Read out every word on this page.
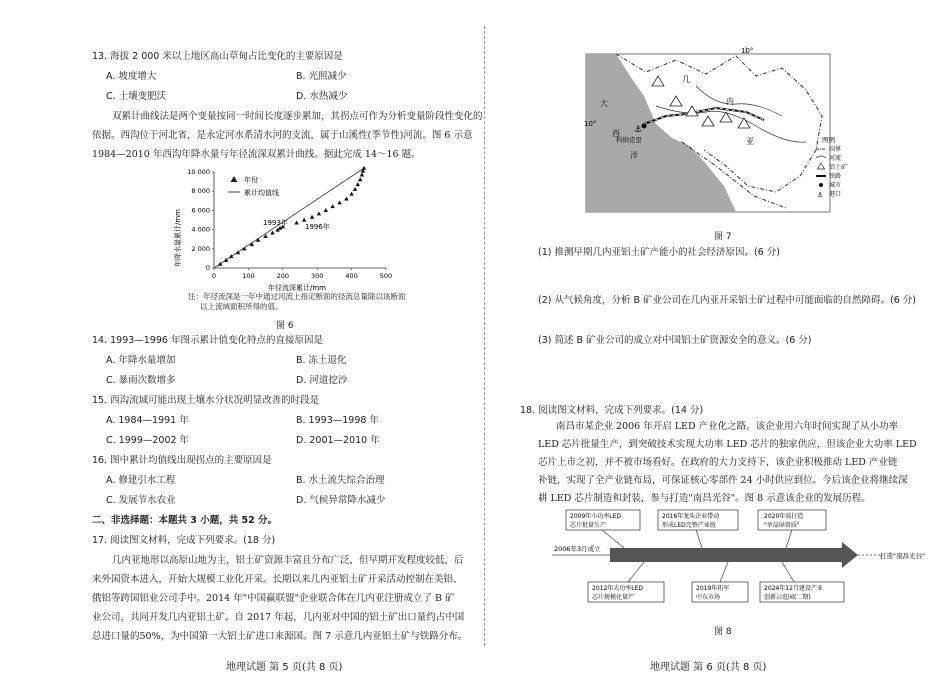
13. 海拔 2 000 米以上地区高山草甸占比变化的主要原因是
A. 坡度增大	B. 光照减少
C. 土壤变肥沃	D. 水热减少
双累计曲线法是两个变量按同一时间长度逐步累加，其拐点可作为分析变量阶段性变化的
依据。西沟位于河北省，是永定河水系清水河的支流，属于山溪性(季节性)河流。图 6 示意
1984—2010 年西沟年降水量与年径流深双累计曲线。据此完成 14～16 题。
0	100	200	300	400	500
0
2 000
4 000
6 000
8 000
10 000
年份
累计均值线
1993年 1996年
年降水量累计/mm
年径流深累计/mm
注：年径流深是一年中通过河流上指定断面的径流总量除以该断面
以上流域面积所得的值。
图 6
14. 1993—1996 年图示累计值变化特点的直接原因是
A. 年降水量增加	B. 冻土退化
C. 暴雨次数增多	D. 河道挖沙
15. 西沟流域可能出现土壤水分状况明显改善的时段是
A. 1984—1991 年	B. 1993—1998 年
C. 1999—2002 年	D. 2001—2010 年
16. 图中累计均值线出现拐点的主要原因是
A. 修建引水工程	B. 水土流失综合治理
C. 发展节水农业	D. 气候异常降水减少
二、非选择题：本题共 3 小题，共 52 分。
17. 阅读图文材料，完成下列要求。(18 分)
几内亚地形以高原山地为主，铝土矿资源丰富且分布广泛，但早期开发程度较低，后
来外国资本进入，开始大规模工业化开采。长期以来几内亚铝土矿开采活动控制在美铝、
俄铝等跨国铝业公司手中。2014 年"中国赢联盟"企业联合体在几内亚注册成立了 B 矿
业公司，共同开发几内亚铝土矿。自 2017 年起，几内亚对中国的铝土矿出口量约占中国
总进口量的50%，为中国第一大铝土矿进口来源国。图 7 示意几内亚铝土矿与铁路分布。
地理试题 第 5 页(共 8 页)
10°
10°
⚓
科纳克里
大
西
洋
几
内
亚	图例
国界
河流
铝土矿
铁路
城市
⚓ 港口
图 7
(1) 推测早期几内亚铝土矿产能小的社会经济原因。(6 分)
(2) 从气候角度，分析 B 矿业公司在几内亚开采铝土矿过程中可能面临的自然障碍。(6 分)
(3) 简述 B 矿业公司的成立对中国铝土矿资源安全的意义。(6 分)
18. 阅读图文材料，完成下列要求。(14 分)
南昌市某企业 2006 年开启 LED 产业化之路。该企业用六年时间实现了从小功率
LED 芯片批量生产，到突破技术实现大功率 LED 芯片的独家供应，但该企业大功率 LED
芯片上市之初，并不被市场看好。在政府的大力支持下，该企业积极推动 LED 产业链
补链，实现了全产业链布局，可保证核心零部件 24 小时供应到位。今后该企业将继续深
耕 LED 芯片制造和封装，参与打造"南昌光谷"。图 8 示意该企业的发展历程。
2006年3月成立
打造"南昌光谷"
2009年小功率LED
芯片批量生产
2016年龙头企业带动
形成LED完整产业链
2020年获打造
"单晶屏资质"
2012年大功率LED
芯片规模化量产
2019年拓军
中东市场
2024年12月建设产业
创新示范园(二期)
图 8
地理试题 第 6 页(共 8 页)
